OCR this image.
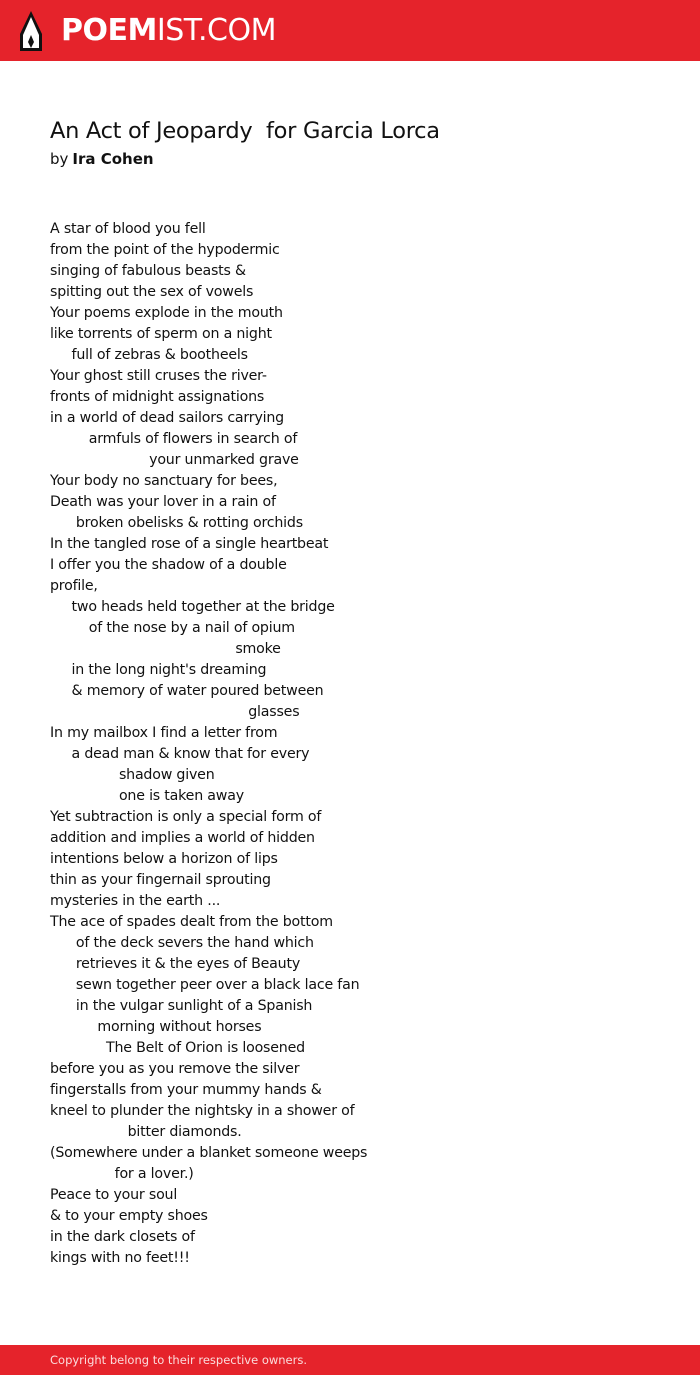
POEMIST.COM
An Act of Jeopardy  for Garcia Lorca
by Ira Cohen
A star of blood you fell
from the point of the hypodermic
singing of fabulous beasts &
spitting out the sex of vowels
Your poems explode in the mouth
like torrents of sperm on a night
full of zebras & bootheels
Your ghost still cruses the river-
fronts of midnight assignations
in a world of dead sailors carrying
armfuls of flowers in search of
your unmarked grave
Your body no sanctuary for bees,
Death was your lover in a rain of
broken obelisks & rotting orchids
In the tangled rose of a single heartbeat
I offer you the shadow of a double
profile,
two heads held together at the bridge
of the nose by a nail of opium
smoke
in the long night's dreaming
& memory of water poured between
glasses
In my mailbox I find a letter from
a dead man & know that for every
shadow given
one is taken away
Yet subtraction is only a special form of
addition and implies a world of hidden
intentions below a horizon of lips
thin as your fingernail sprouting
mysteries in the earth ...
The ace of spades dealt from the bottom
of the deck severs the hand which
retrieves it & the eyes of Beauty
sewn together peer over a black lace fan
in the vulgar sunlight of a Spanish
morning without horses
The Belt of Orion is loosened
before you as you remove the silver
fingerstalls from your mummy hands &
kneel to plunder the nightsky in a shower of
bitter diamonds.
(Somewhere under a blanket someone weeps
for a lover.)
Peace to your soul
& to your empty shoes
in the dark closets of
kings with no feet!!!
Copyright belong to their respective owners.
